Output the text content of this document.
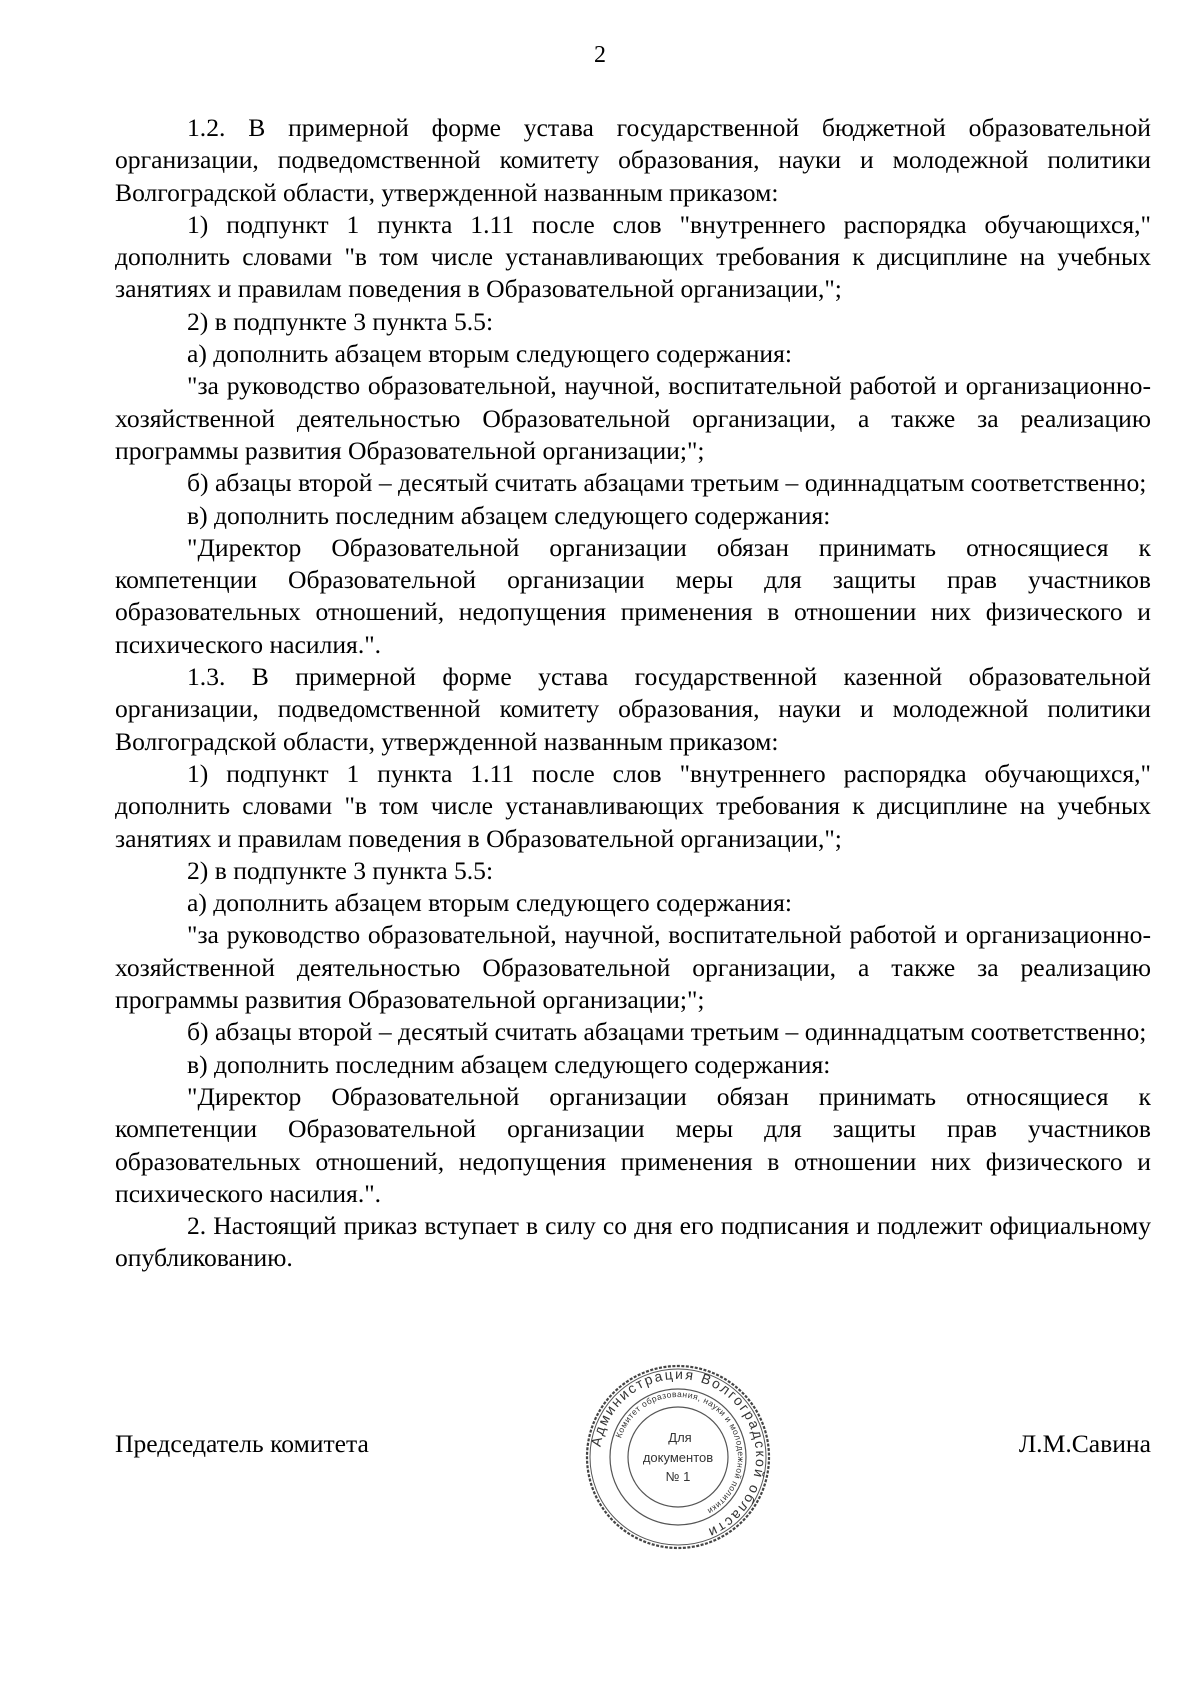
2

1.2. В примерной форме устава государственной бюджетной образовательной организации, подведомственной комитету образования, науки и молодежной политики Волгоградской области, утвержденной названным приказом:

1) подпункт 1 пункта 1.11 после слов "внутреннего распорядка обучающихся," дополнить словами "в том числе устанавливающих требования к дисциплине на учебных занятиях и правилам поведения в Образовательной организации,";

2) в подпункте 3 пункта 5.5:

а) дополнить абзацем вторым следующего содержания:

"за руководство образовательной, научной, воспитательной работой и организационно-хозяйственной деятельностью Образовательной организации, а также за реализацию программы развития Образовательной организации;";

б) абзацы второй – десятый считать абзацами третьим – одиннадцатым соответственно;

в) дополнить последним абзацем следующего содержания:

"Директор Образовательной организации обязан принимать относящиеся к компетенции Образовательной организации меры для защиты прав участников образовательных отношений, недопущения применения в отношении них физического и психического насилия.".

1.3. В примерной форме устава государственной казенной образовательной организации, подведомственной комитету образования, науки и молодежной политики Волгоградской области, утвержденной названным приказом:

1) подпункт 1 пункта 1.11 после слов "внутреннего распорядка обучающихся," дополнить словами "в том числе устанавливающих требования к дисциплине на учебных занятиях и правилам поведения в Образовательной организации,";

2) в подпункте 3 пункта 5.5:

а) дополнить абзацем вторым следующего содержания:

"за руководство образовательной, научной, воспитательной работой и организационно-хозяйственной деятельностью Образовательной организации, а также за реализацию программы развития Образовательной организации;";

б) абзацы второй – десятый считать абзацами третьим – одиннадцатым соответственно;

в) дополнить последним абзацем следующего содержания:

"Директор Образовательной организации обязан принимать относящиеся к компетенции Образовательной организации меры для защиты прав участников образовательных отношений, недопущения применения в отношении них физического и психического насилия.".

2. Настоящий приказ вступает в силу со дня его подписания и подлежит официальному опубликованию.

Председатель комитета	Л.М.Савина
Администрация Волгоградской области
Комитет образования, науки и молодежной политики
Для
документов
№ 1
